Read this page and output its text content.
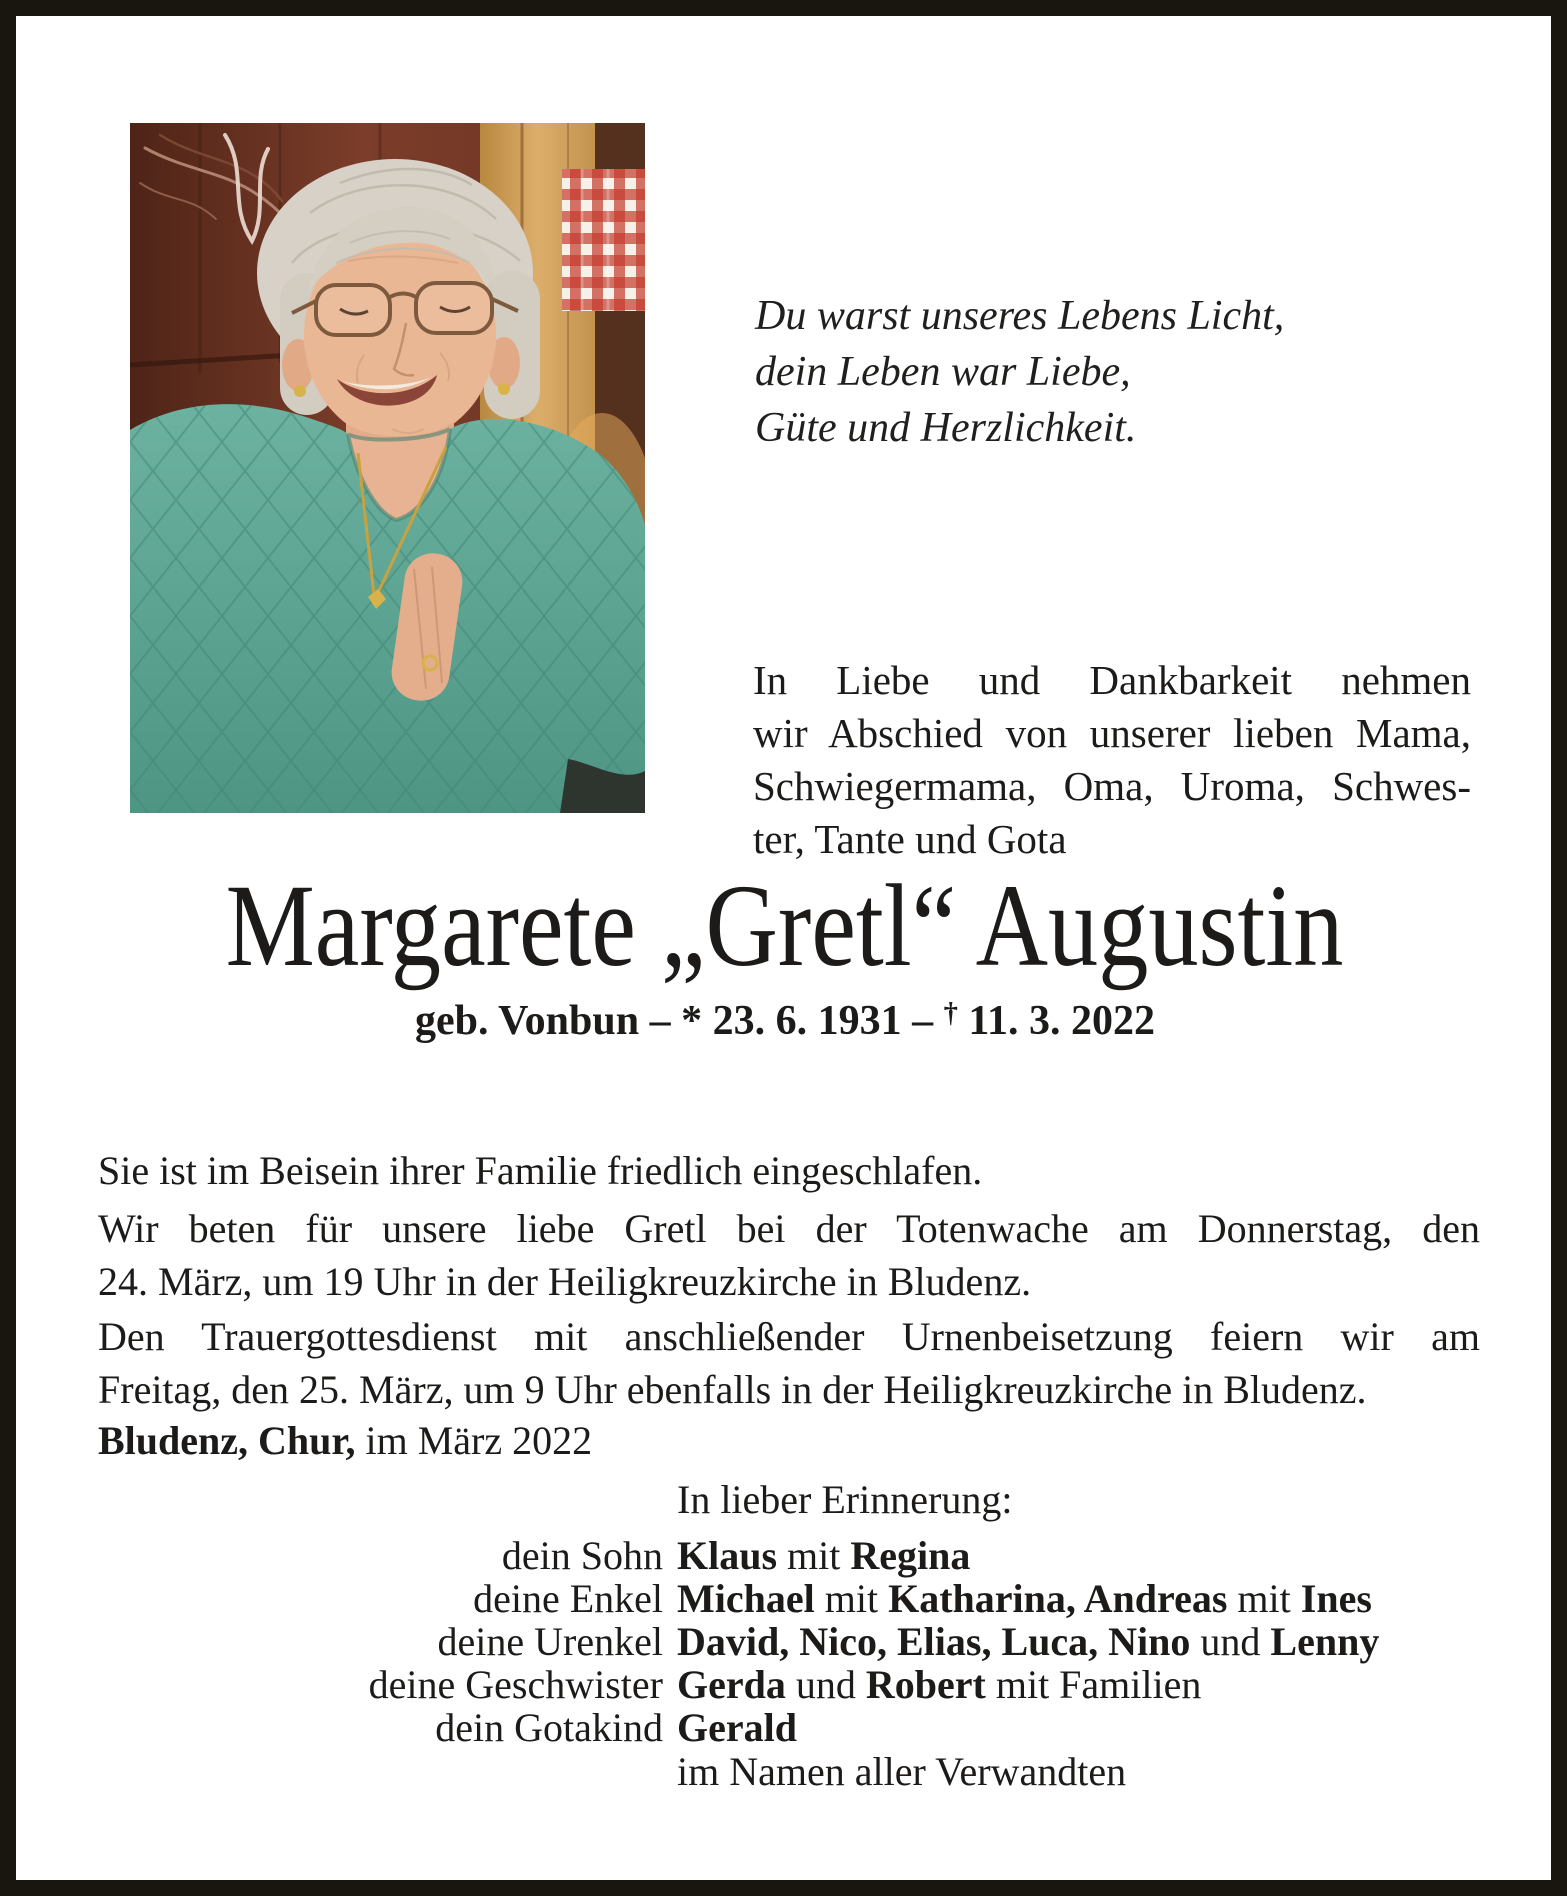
Du warst unseres Lebens Licht,
dein Leben war Liebe,
Güte und Herzlichkeit.
In Liebe und Dankbarkeit nehmen
wir Abschied von unserer lieben Mama,
Schwiegermama, Oma, Uroma, Schwes-
ter, Tante und Gota
Margarete „Gretl“ Augustin
geb. Vonbun – * 23. 6. 1931 – † 11. 3. 2022
Sie ist im Beisein ihrer Familie friedlich eingeschlafen.
Wir beten für unsere liebe Gretl bei der Totenwache am Donnerstag, den
24. März, um 19 Uhr in der Heiligkreuzkirche in Bludenz.
Den Trauergottesdienst mit anschließender Urnenbeisetzung feiern wir am
Freitag, den 25. März, um 9 Uhr ebenfalls in der Heiligkreuzkirche in Bludenz.
Bludenz, Chur, im März 2022
In lieber Erinnerung:
dein Sohn Klaus mit Regina
deine Enkel Michael mit Katharina, Andreas mit Ines
deine Urenkel David, Nico, Elias, Luca, Nino und Lenny
deine Geschwister Gerda und Robert mit Familien
dein Gotakind Gerald
im Namen aller Verwandten
